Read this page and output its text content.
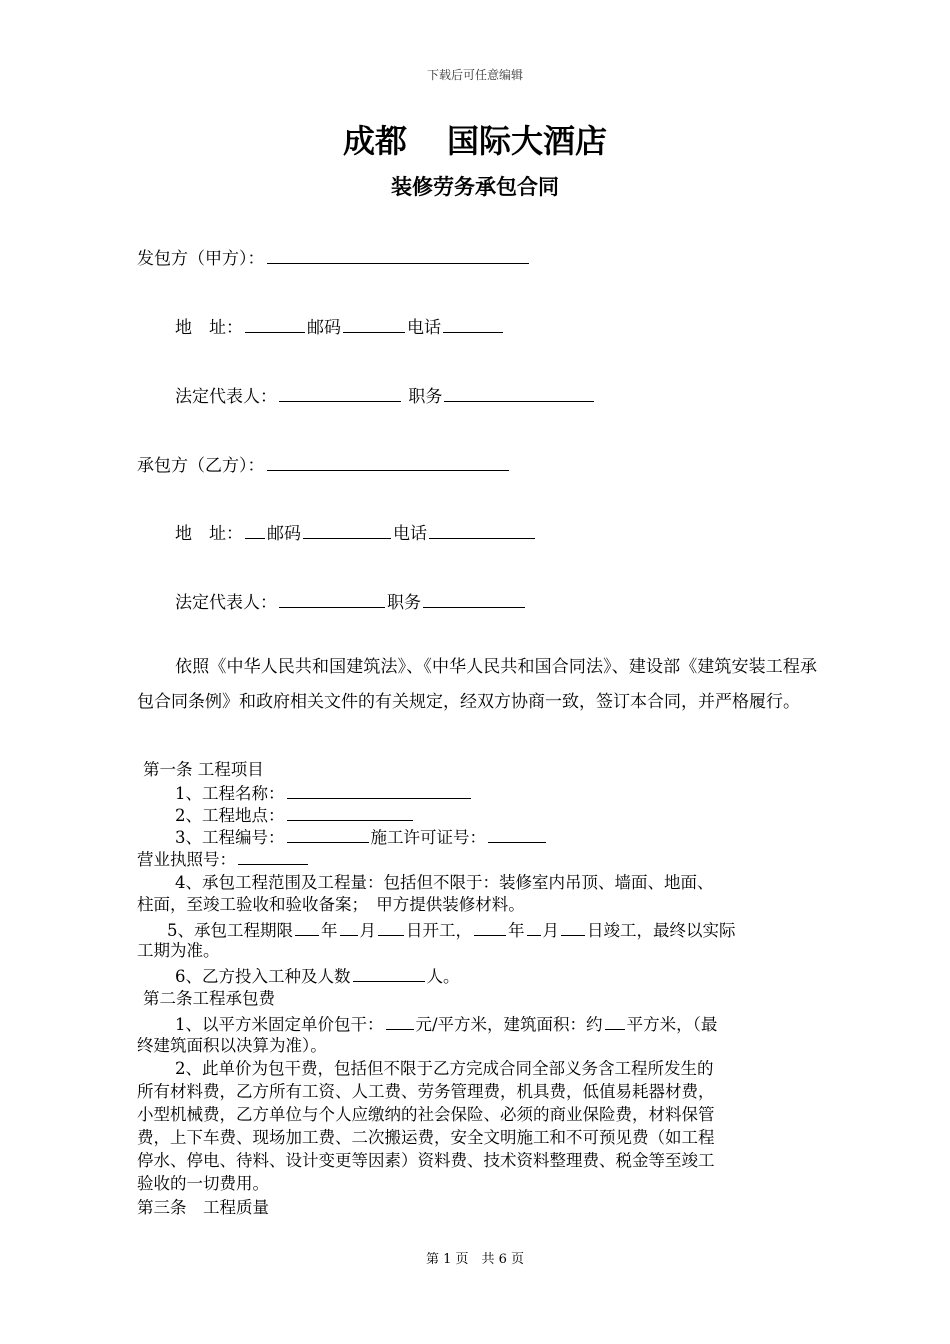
下载后可任意编辑
成都 国际大酒店
装修劳务承包合同
发包方（甲方）：
地　址：	邮码	电话
法定代表人：	职务
承包方（乙方）：
地　址： 邮码	电话
法定代表人：	职务
依照《中华人民共和国建筑法》、《中华人民共和国合同法》、建设部《建筑安装工程承包合同条例》和政府相关文件的有关规定，经双方协商一致，签订本合同，并严格履行。
第一条 工程项目
1、工程名称：
2、工程地点：
3、工程编号：	施工许可证号：
营业执照号：
4、承包工程范围及工程量：包括但不限于：装修室内吊顶、墙面、地面、
柱面，至竣工验收和验收备案；　甲方提供装修材料。
5、承包工程期限 年 月 日开工， 年 月 日竣工，最终以实际
工期为准。
6、乙方投入工种及人数	人。
第二条工程承包费
1、以平方米固定单价包干： 元/平方米，建筑面积：约 平方米，（最
终建筑面积以决算为准）。
2、此单价为包干费，包括但不限于乙方完成合同全部义务含工程所发生的
所有材料费，乙方所有工资、人工费、劳务管理费，机具费，低值易耗器材费，
小型机械费，乙方单位与个人应缴纳的社会保险、必须的商业保险费，材料保管
费，上下车费、现场加工费、二次搬运费，安全文明施工和不可预见费（如工程
停水、停电、待料、设计变更等因素）资料费、技术资料整理费、税金等至竣工
验收的一切费用。
第三条　工程质量
第 1 页　共 6 页
